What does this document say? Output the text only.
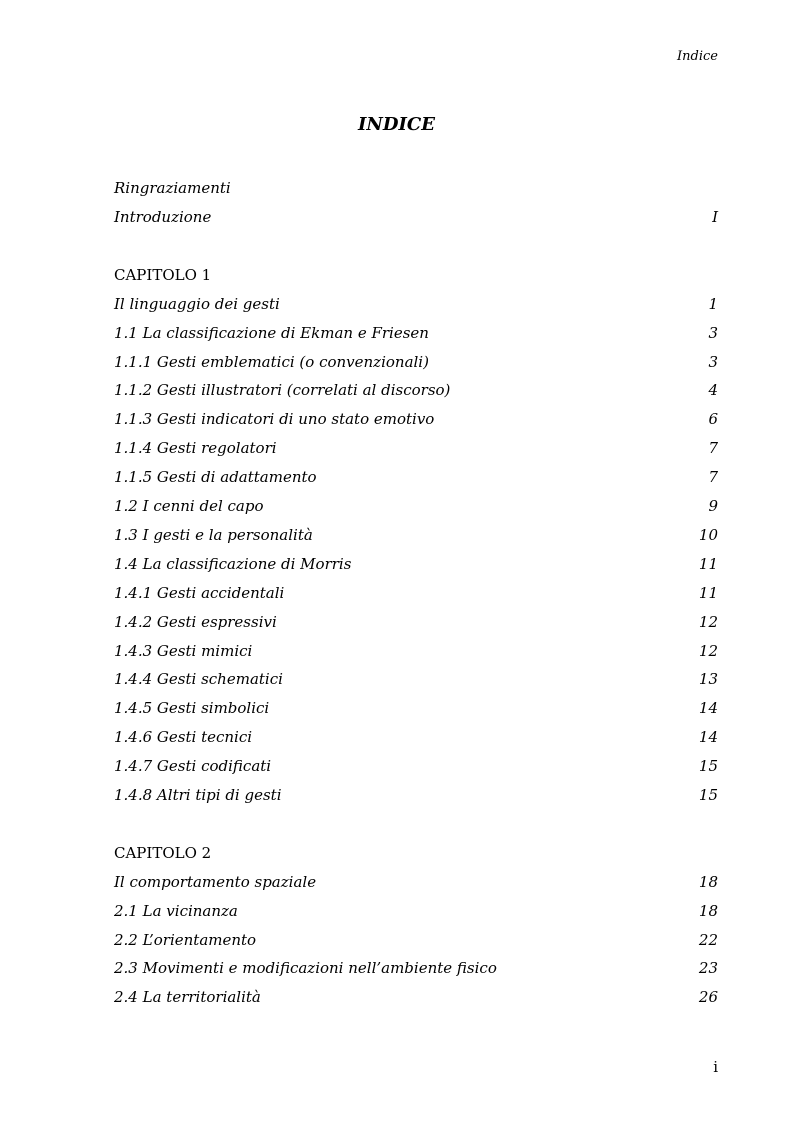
Indice
INDICE
Ringraziamenti
Introduzione	I
CAPITOLO 1
Il linguaggio dei gesti	1
1.1 La classificazione di Ekman e Friesen	3
1.1.1 Gesti emblematici (o convenzionali)	3
1.1.2 Gesti illustratori (correlati al discorso)	4
1.1.3 Gesti indicatori di uno stato emotivo	6
1.1.4 Gesti regolatori	7
1.1.5 Gesti di adattamento	7
1.2 I cenni del capo	9
1.3 I gesti e la personalità	10
1.4 La classificazione di Morris	11
1.4.1 Gesti accidentali	11
1.4.2 Gesti espressivi	12
1.4.3 Gesti mimici	12
1.4.4 Gesti schematici	13
1.4.5 Gesti simbolici	14
1.4.6 Gesti tecnici	14
1.4.7 Gesti codificati	15
1.4.8 Altri tipi di gesti	15
CAPITOLO 2
Il comportamento spaziale	18
2.1 La vicinanza	18
2.2 L’orientamento	22
2.3 Movimenti e modificazioni nell’ambiente fisico	23
2.4 La territorialità	26
i
